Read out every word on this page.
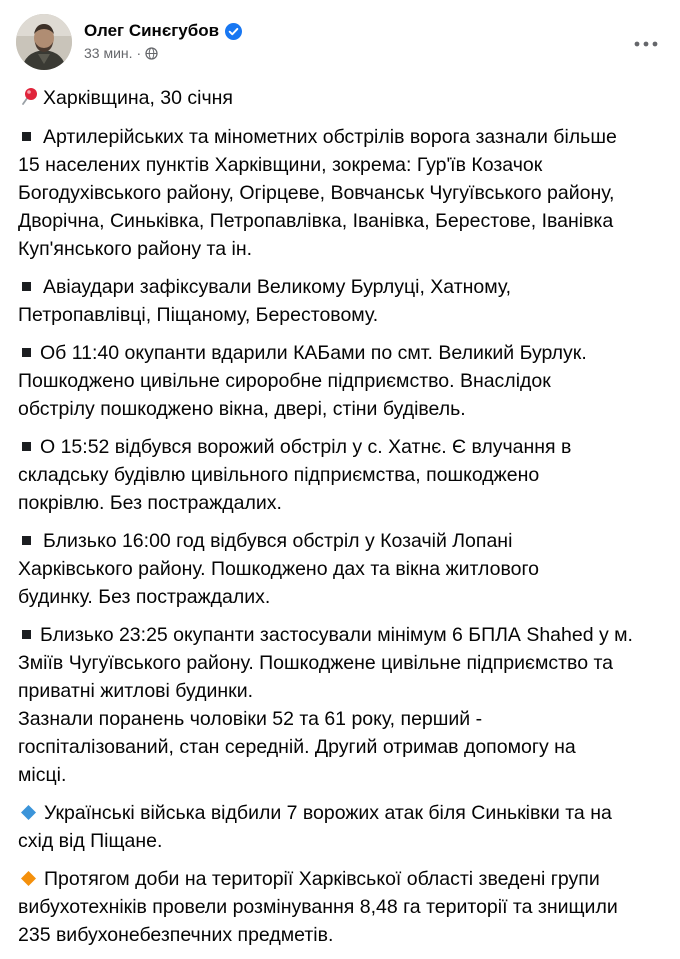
Олег Синєгубов
33 мин. ·
Харківщина, 30 січня
Артилерійських та мінометних обстрілів ворога зазнали більше
15 населених пунктів Харківщини, зокрема: Гур'їв Козачок
Богодухівського району, Огірцеве, Вовчанськ Чугуївського району,
Дворічна, Синьківка, Петропавлівка, Іванівка, Берестове, Іванівка
Куп'янського району та ін.
Авіаудари зафіксували Великому Бурлуці, Хатному,
Петропавлівці, Піщаному, Берестовому.
Об 11:40 окупанти вдарили КАБами по смт. Великий Бурлук.
Пошкоджено цивільне сироробне підприємство. Внаслідок
обстрілу пошкоджено вікна, двері, стіни будівель.
О 15:52 відбувся ворожий обстріл у с. Хатнє. Є влучання в
складську будівлю цивільного підприємства, пошкоджено
покрівлю. Без постраждалих.
Близько 16:00 год відбувся обстріл у Козачій Лопані
Харківського району. Пошкоджено дах та вікна житлового
будинку. Без постраждалих.
Близько 23:25 окупанти застосували мінімум 6 БПЛА Shahed у м.
Зміїв Чугуївського району. Пошкоджене цивільне підприємство та
приватні житлові будинки.
Зазнали поранень чоловіки 52 та 61 року, перший -
госпіталізований, стан середній. Другий отримав допомогу на
місці.
Українські війська відбили 7 ворожих атак біля Синьківки та на
схід від Піщане.
Протягом доби на території Харківської області зведені групи
вибухотехніків провели розмінування 8,48 га території та знищили
235 вибухонебезпечних предметів.
